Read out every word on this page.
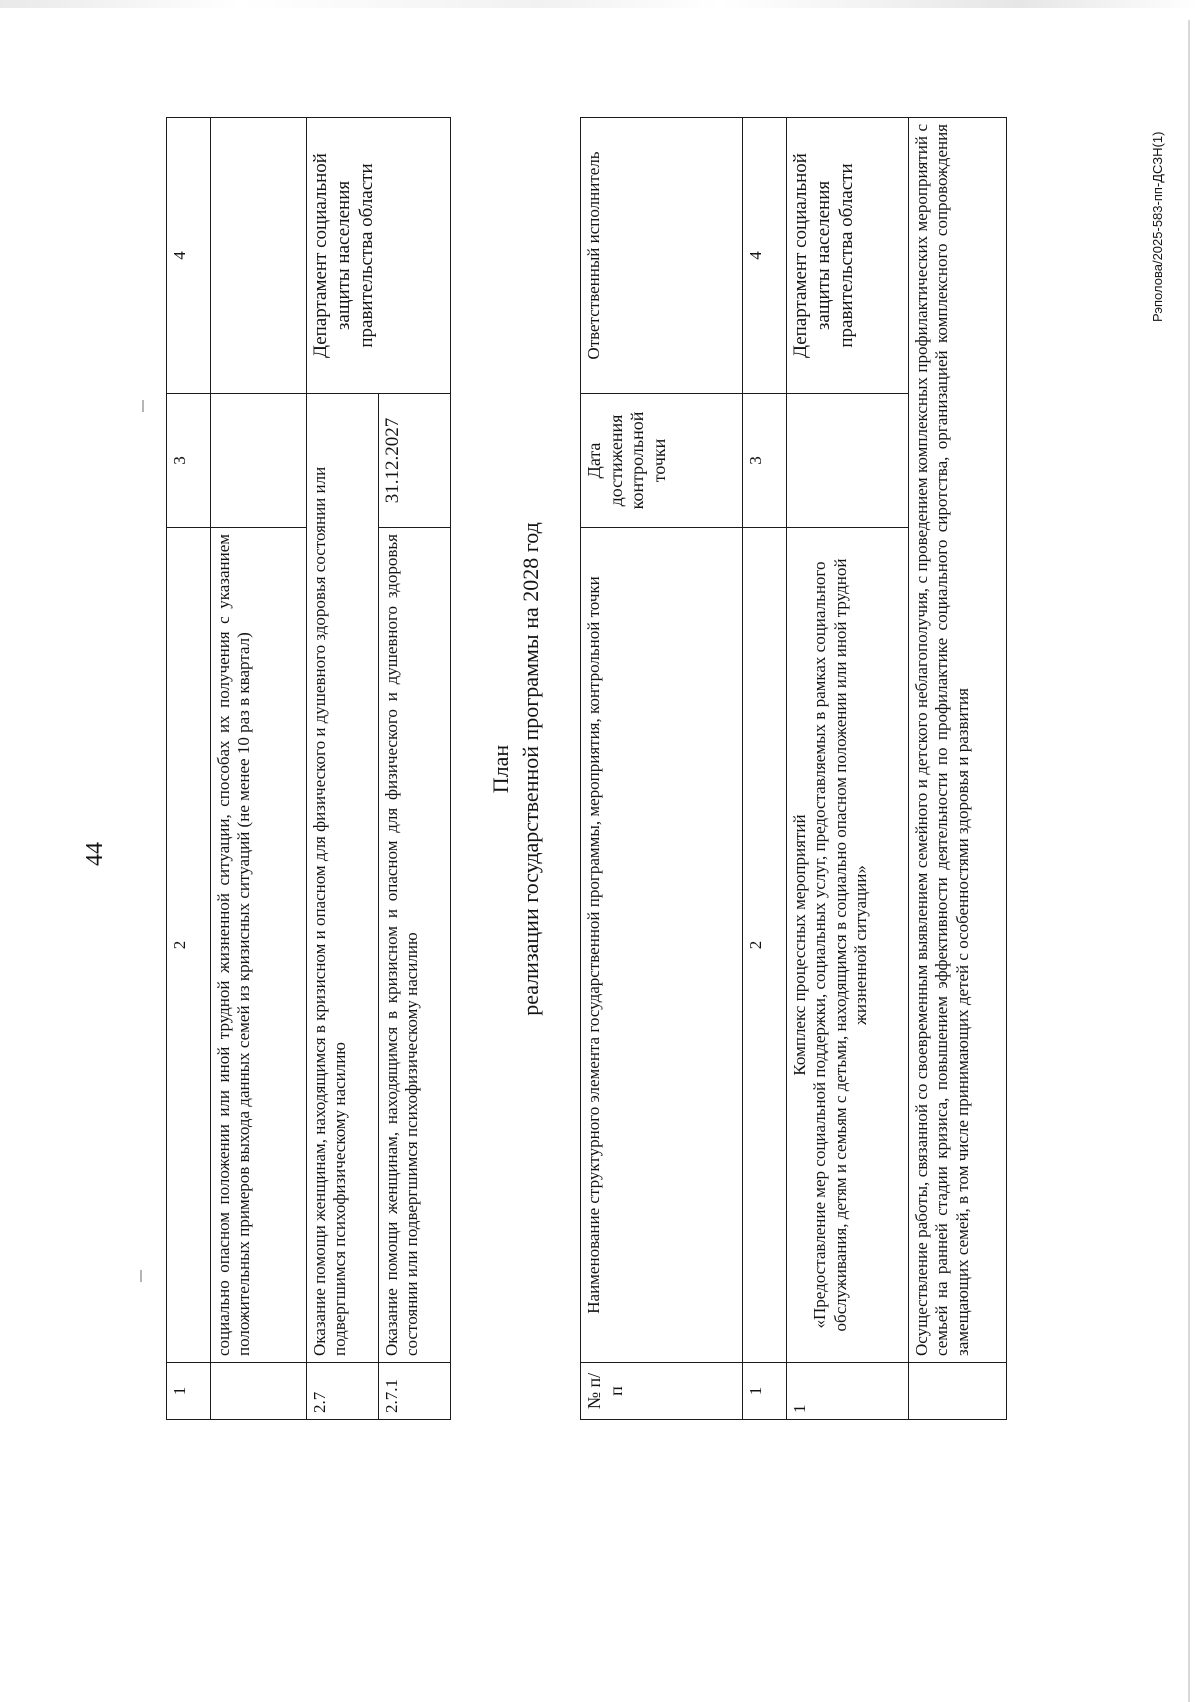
44
1	2	3	4
	социально опасном положении или иной трудной жизненной ситуации, способах их получения с указанием положительных примеров выхода данных семей из кризисных ситуаций (не менее 10 раз в квартал)		
2.7	Оказание помощи женщинам, находящимся в кризисном и опасном для физического и душевного здоровья состоянии или подвергшимся психофизическому насилию		Департамент социальной защиты населения правительства области
2.7.1	Оказание помощи женщинам, находящимся в кризисном и опасном для физического и душевного здоровья состоянии или подвергшимся психофизическому насилию	31.12.2027	
План реализации государственной программы на 2028 год
№ п/п	Наименование структурного элемента государственной программы, мероприятия, контрольной точки	Дата достижения контрольной точки	Ответственный исполнитель
1	2	3	4
1	Комплекс процессных мероприятий «Предоставление мер социальной поддержки, социальных услуг, предоставляемых в рамках социального обслуживания, детям и семьям с детьми, находящимся в социально опасном положении или иной трудной жизненной ситуации»		Департамент социальной защиты населения правительства области
	Осуществление работы, связанной со своевременным выявлением семейного и детского неблагополучия, с проведением комплексных профилактических мероприятий с семьей на ранней стадии кризиса, повышением эффективности деятельности по профилактике социального сиротства, организацией комплексного сопровождения замещающих семей, в том числе принимающих детей с особенностями здоровья и развития		
Рэполова/2025-583-пп-ДСЗН(1)
